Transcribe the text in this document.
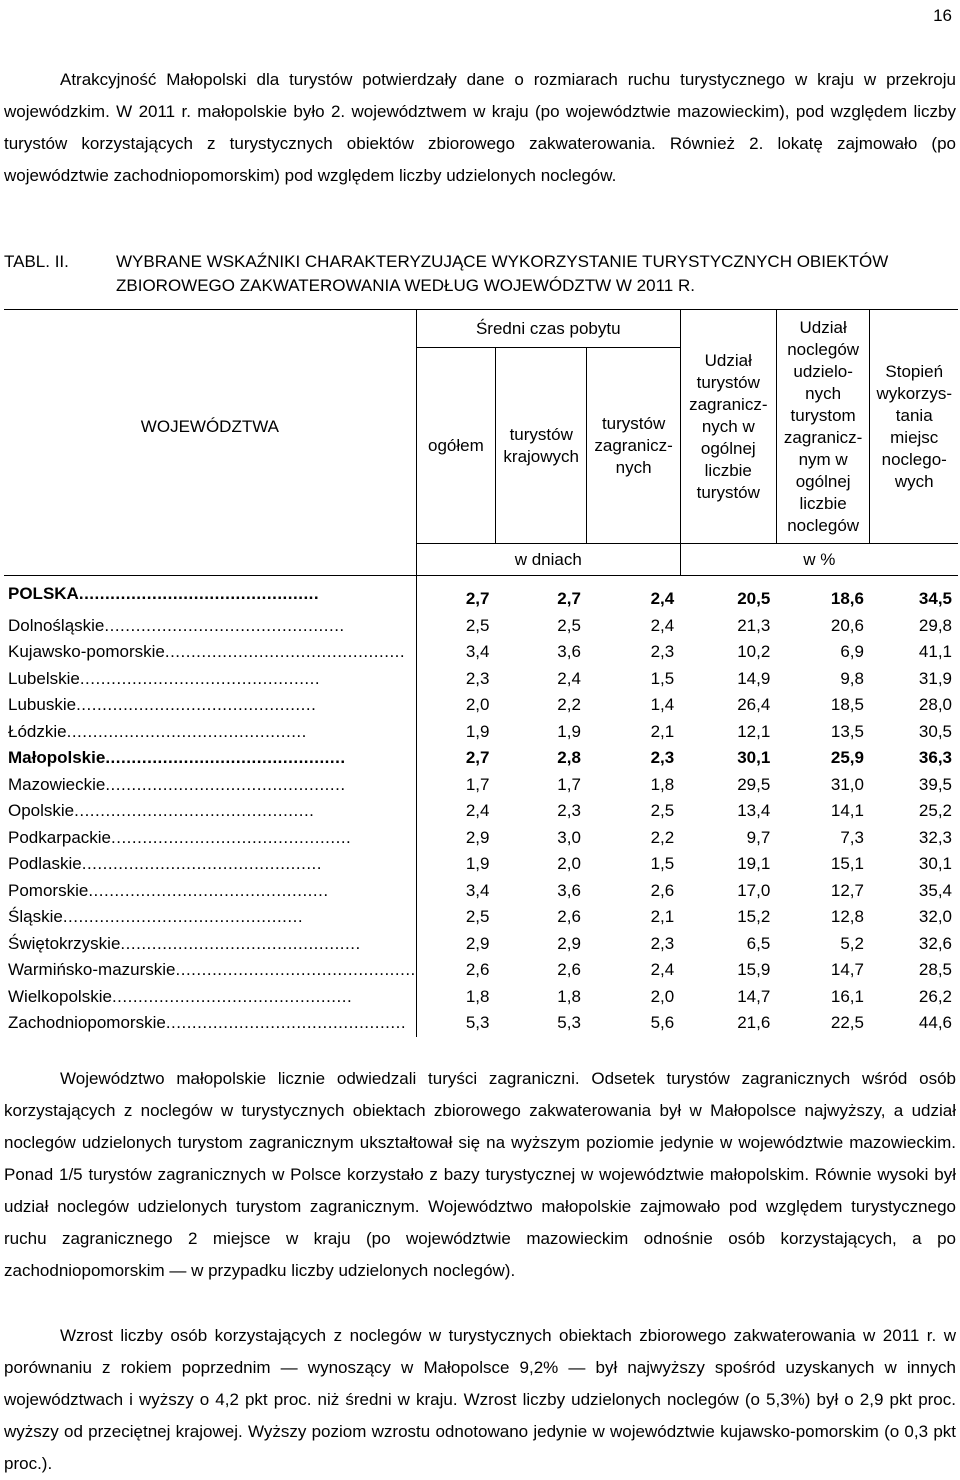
16

Atrakcyjność Małopolski dla turystów potwierdzały dane o rozmiarach ruchu turystycznego w kraju w przekroju wojewódzkim. W 2011 r. małopolskie było 2. województwem w kraju (po województwie mazowieckim), pod względem liczby turystów korzystających z turystycznych obiektów zbiorowego zakwaterowania. Również 2. lokatę zajmowało (po województwie zachodniopomorskim) pod względem liczby udzielonych noclegów.

TABL. II.	WYBRANE WSKAŹNIKI CHARAKTERYZUJĄCE WYKORZYSTANIE TURYSTYCZNYCH OBIEKTÓW ZBIOROWEGO ZAKWATEROWANIA WEDŁUG WOJEWÓDZTW W 2011 R.
WOJEWÓDZTWA	Średni czas pobytu			Udział turystów zagranicz-nych w ogólnej liczbie turystów	Udział noclegów udzielo-nych turystom zagranicz-nym w ogólnej liczbie noclegów	Stopień wykorzys-tania miejsc noclego-wych
	ogółem	turystów krajowych	turystów zagranicz-nych			
	w dniach			w %		
POLSKA..............................................	2,7	2,7	2,4	20,5	18,6	34,5
Dolnośląskie..............................................	2,5	2,5	2,4	21,3	20,6	29,8
Kujawsko-pomorskie..............................................	3,4	3,6	2,3	10,2	6,9	41,1
Lubelskie..............................................	2,3	2,4	1,5	14,9	9,8	31,9
Lubuskie..............................................	2,0	2,2	1,4	26,4	18,5	28,0
Łódzkie..............................................	1,9	1,9	2,1	12,1	13,5	30,5
Małopolskie..............................................	2,7	2,8	2,3	30,1	25,9	36,3
Mazowieckie..............................................	1,7	1,7	1,8	29,5	31,0	39,5
Opolskie..............................................	2,4	2,3	2,5	13,4	14,1	25,2
Podkarpackie..............................................	2,9	3,0	2,2	9,7	7,3	32,3
Podlaskie..............................................	1,9	2,0	1,5	19,1	15,1	30,1
Pomorskie..............................................	3,4	3,6	2,6	17,0	12,7	35,4
Śląskie..............................................	2,5	2,6	2,1	15,2	12,8	32,0
Świętokrzyskie..............................................	2,9	2,9	2,3	6,5	5,2	32,6
Warmińsko-mazurskie..............................................	2,6	2,6	2,4	15,9	14,7	28,5
Wielkopolskie..............................................	1,8	1,8	2,0	14,7	16,1	26,2
Zachodniopomorskie..............................................	5,3	5,3	5,6	21,6	22,5	44,6

Województwo małopolskie licznie odwiedzali turyści zagraniczni. Odsetek turystów zagranicznych wśród osób korzystających z noclegów w turystycznych obiektach zbiorowego zakwaterowania był w Małopolsce najwyższy, a udział noclegów udzielonych turystom zagranicznym ukształtował się na wyższym poziomie jedynie w województwie mazowieckim. Ponad 1/5 turystów zagranicznych w Polsce korzystało z bazy turystycznej w województwie małopolskim. Równie wysoki był udział noclegów udzielonych turystom zagranicznym. Województwo małopolskie zajmowało pod względem turystycznego ruchu zagranicznego 2 miejsce w kraju (po województwie mazowieckim odnośnie osób korzystających, a po zachodniopomorskim — w przypadku liczby udzielonych noclegów).

Wzrost liczby osób korzystających z noclegów w turystycznych obiektach zbiorowego zakwaterowania w 2011 r. w porównaniu z rokiem poprzednim — wynoszący w Małopolsce 9,2% — był najwyższy spośród uzyskanych w innych województwach i wyższy o 4,2 pkt proc. niż średni w kraju. Wzrost liczby udzielonych noclegów (o 5,3%) był o 2,9 pkt proc. wyższy od przeciętnej krajowej. Wyższy poziom wzrostu odnotowano jedynie w województwie kujawsko-pomorskim (o 0,3 pkt proc.).
